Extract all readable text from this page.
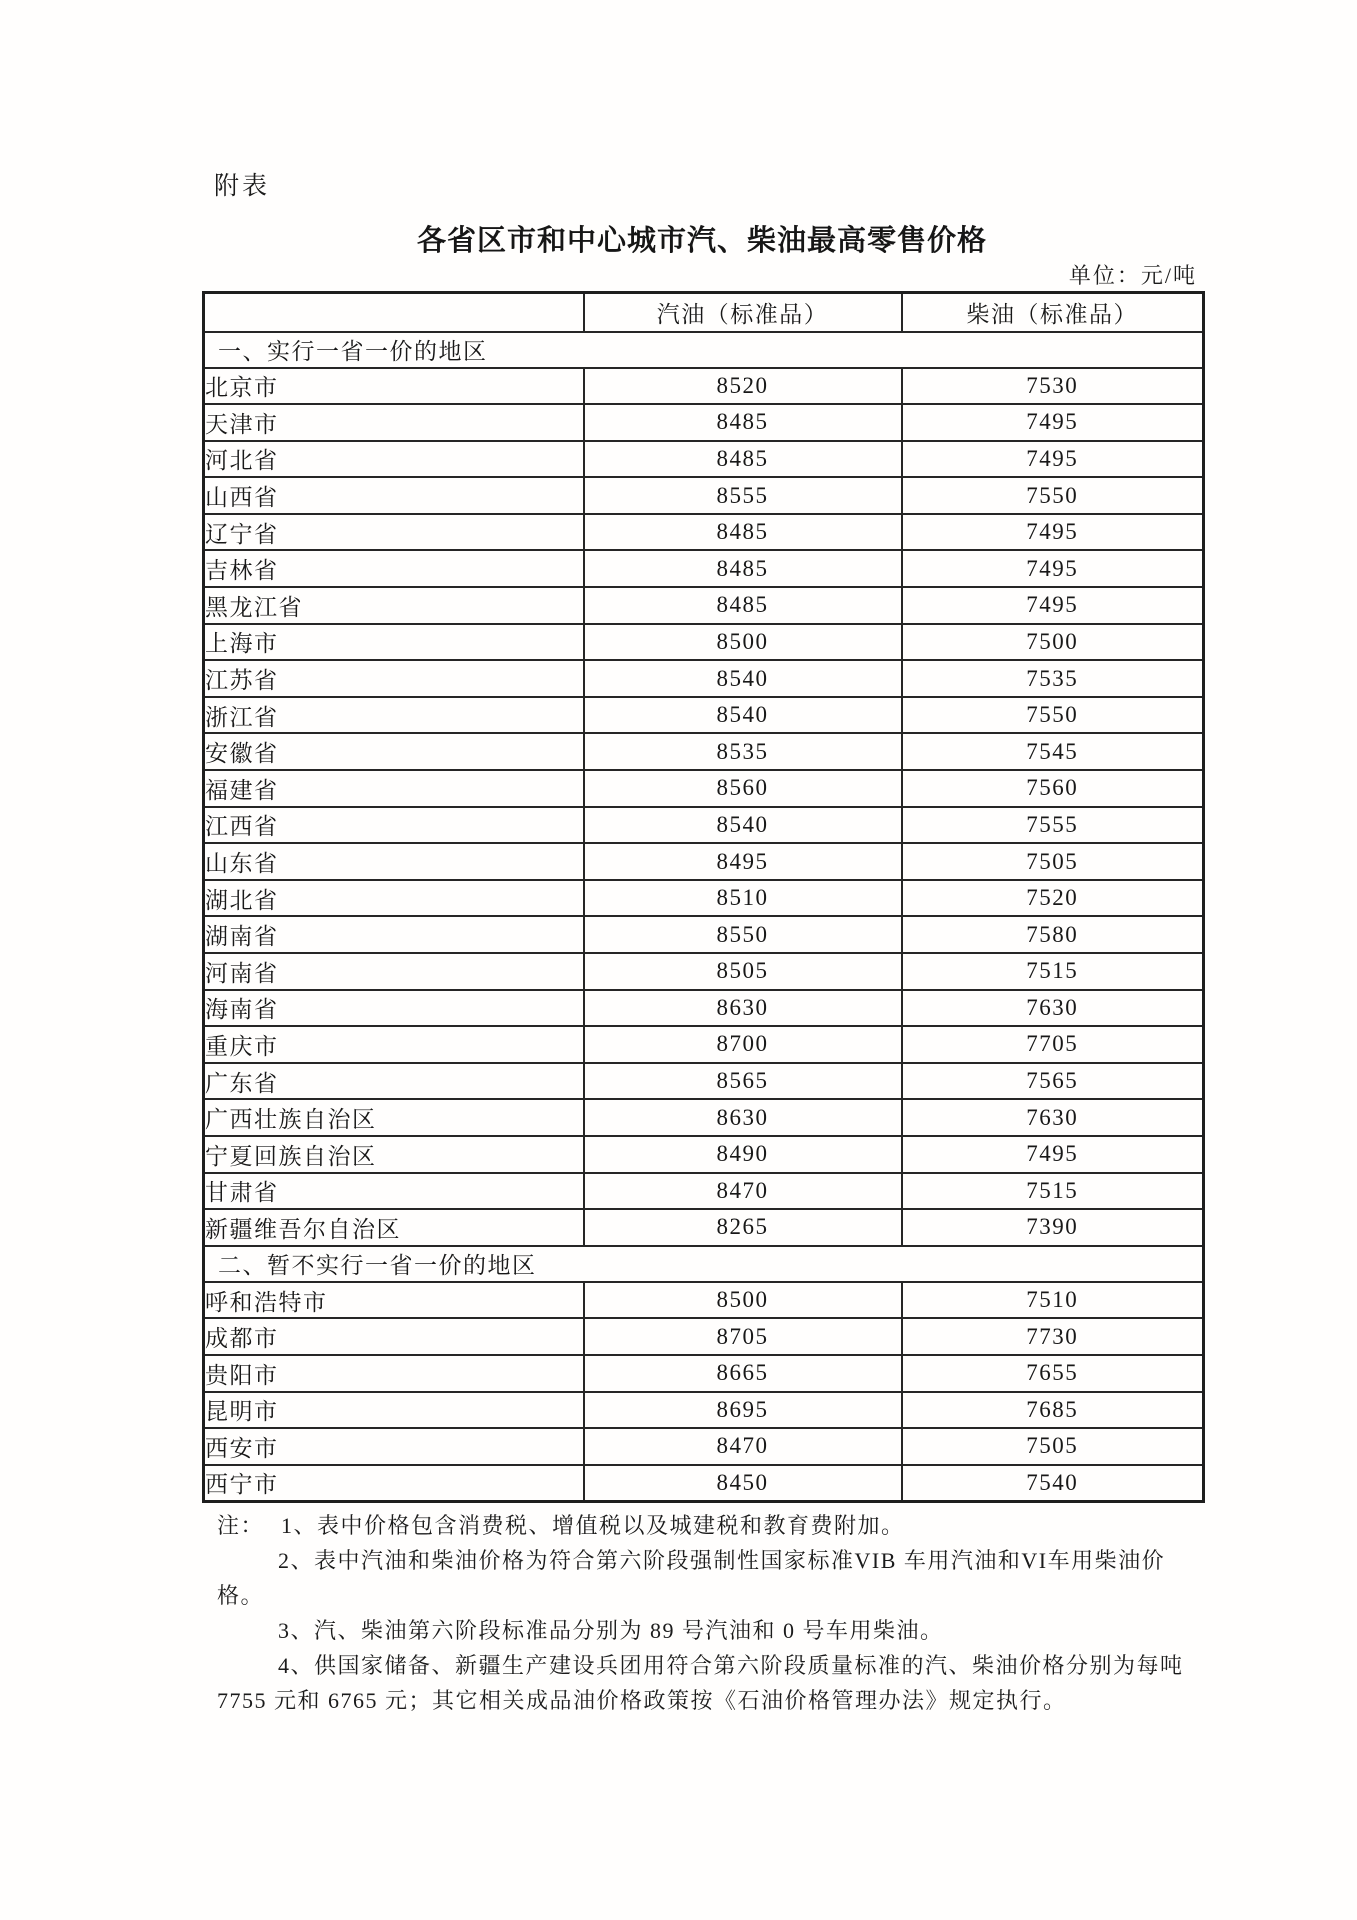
附表
各省区市和中心城市汽、柴油最高零售价格
单位：元/吨
	汽油（标准品）	柴油（标准品）
一、实行一省一价的地区		
北京市	8520	7530
天津市	8485	7495
河北省	8485	7495
山西省	8555	7550
辽宁省	8485	7495
吉林省	8485	7495
黑龙江省	8485	7495
上海市	8500	7500
江苏省	8540	7535
浙江省	8540	7550
安徽省	8535	7545
福建省	8560	7560
江西省	8540	7555
山东省	8495	7505
湖北省	8510	7520
湖南省	8550	7580
河南省	8505	7515
海南省	8630	7630
重庆市	8700	7705
广东省	8565	7565
广西壮族自治区	8630	7630
宁夏回族自治区	8490	7495
甘肃省	8470	7515
新疆维吾尔自治区	8265	7390
二、暂不实行一省一价的地区		
呼和浩特市	8500	7510
成都市	8705	7730
贵阳市	8665	7655
昆明市	8695	7685
西安市	8470	7505
西宁市	8450	7540
注： 1、表中价格包含消费税、增值税以及城建税和教育费附加。
2、表中汽油和柴油价格为符合第六阶段强制性国家标准VIB 车用汽油和VI车用柴油价
格。
3、汽、柴油第六阶段标准品分别为 89 号汽油和 0 号车用柴油。
4、供国家储备、新疆生产建设兵团用符合第六阶段质量标准的汽、柴油价格分别为每吨
7755 元和 6765 元；其它相关成品油价格政策按《石油价格管理办法》规定执行。
